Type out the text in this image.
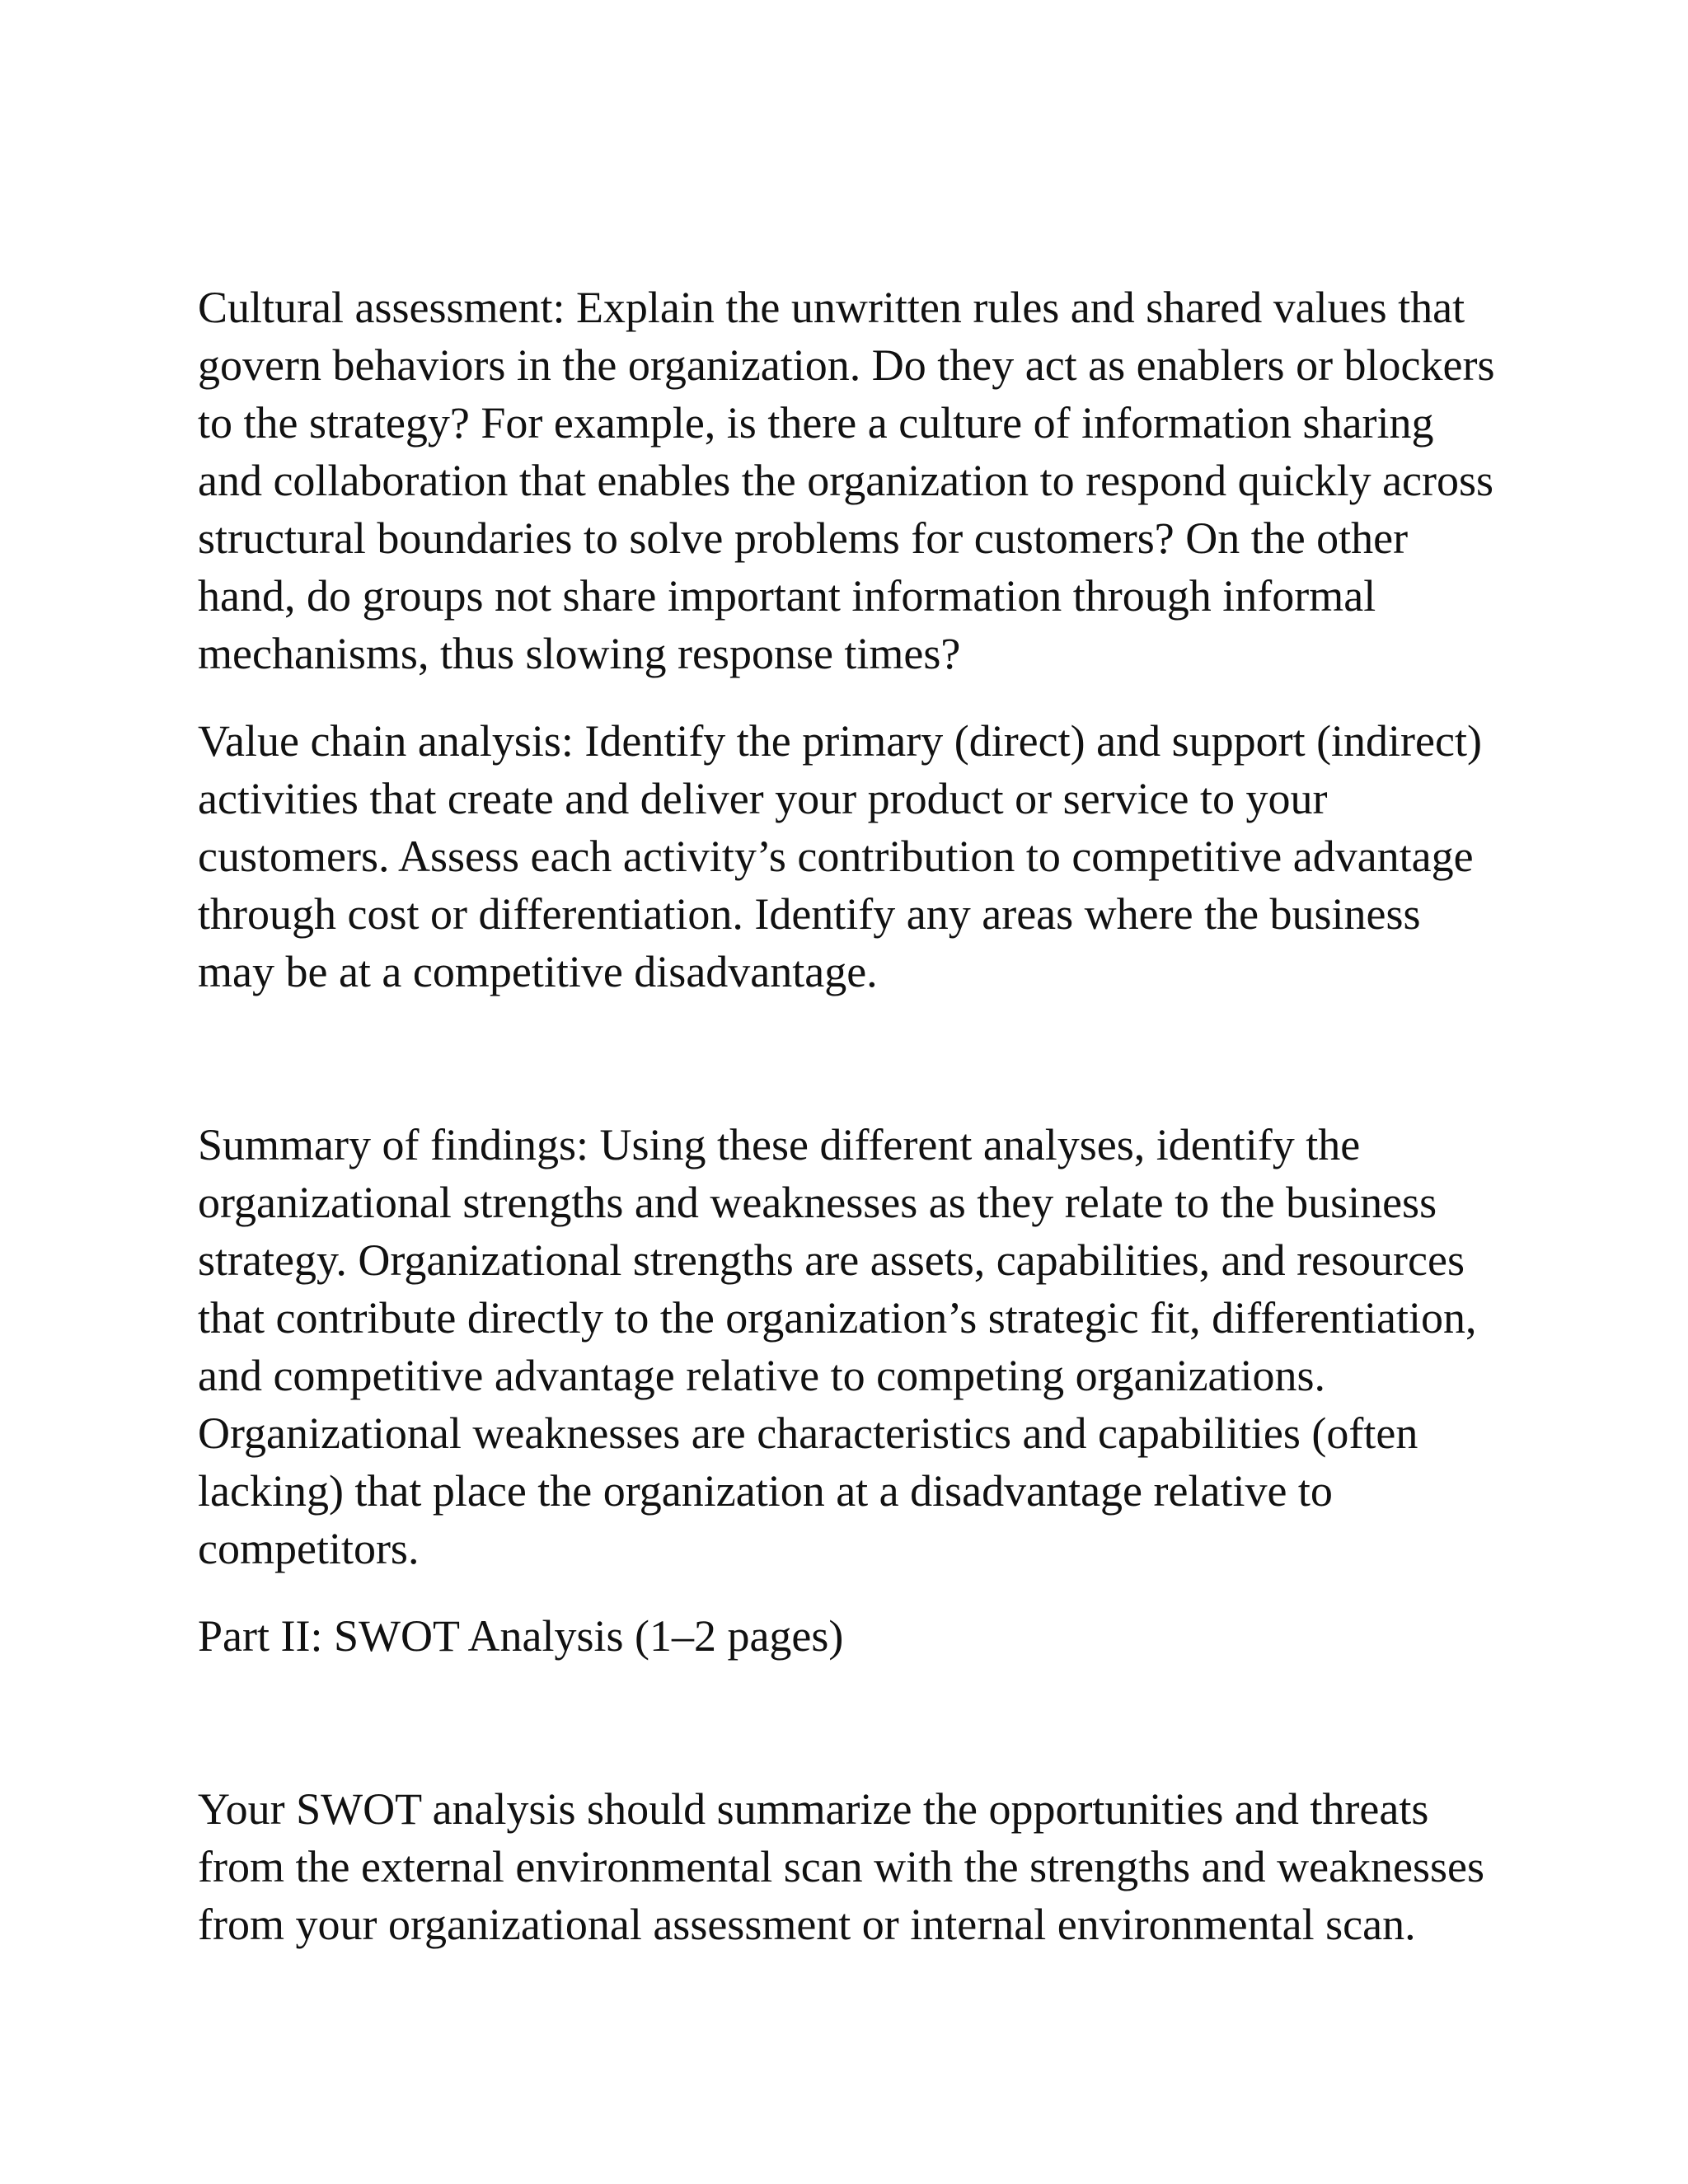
Cultural assessment: Explain the unwritten rules and shared values that
govern behaviors in the organization. Do they act as enablers or blockers
to the strategy? For example, is there a culture of information sharing
and collaboration that enables the organization to respond quickly across
structural boundaries to solve problems for customers? On the other
hand, do groups not share important information through informal
mechanisms, thus slowing response times?

Value chain analysis: Identify the primary (direct) and support (indirect)
activities that create and deliver your product or service to your
customers. Assess each activity’s contribution to competitive advantage
through cost or differentiation. Identify any areas where the business
may be at a competitive disadvantage.

Summary of findings: Using these different analyses, identify the
organizational strengths and weaknesses as they relate to the business
strategy. Organizational strengths are assets, capabilities, and resources
that contribute directly to the organization’s strategic fit, differentiation,
and competitive advantage relative to competing organizations.
Organizational weaknesses are characteristics and capabilities (often
lacking) that place the organization at a disadvantage relative to
competitors.

Part II: SWOT Analysis (1–2 pages)

Your SWOT analysis should summarize the opportunities and threats
from the external environmental scan with the strengths and weaknesses
from your organizational assessment or internal environmental scan.
